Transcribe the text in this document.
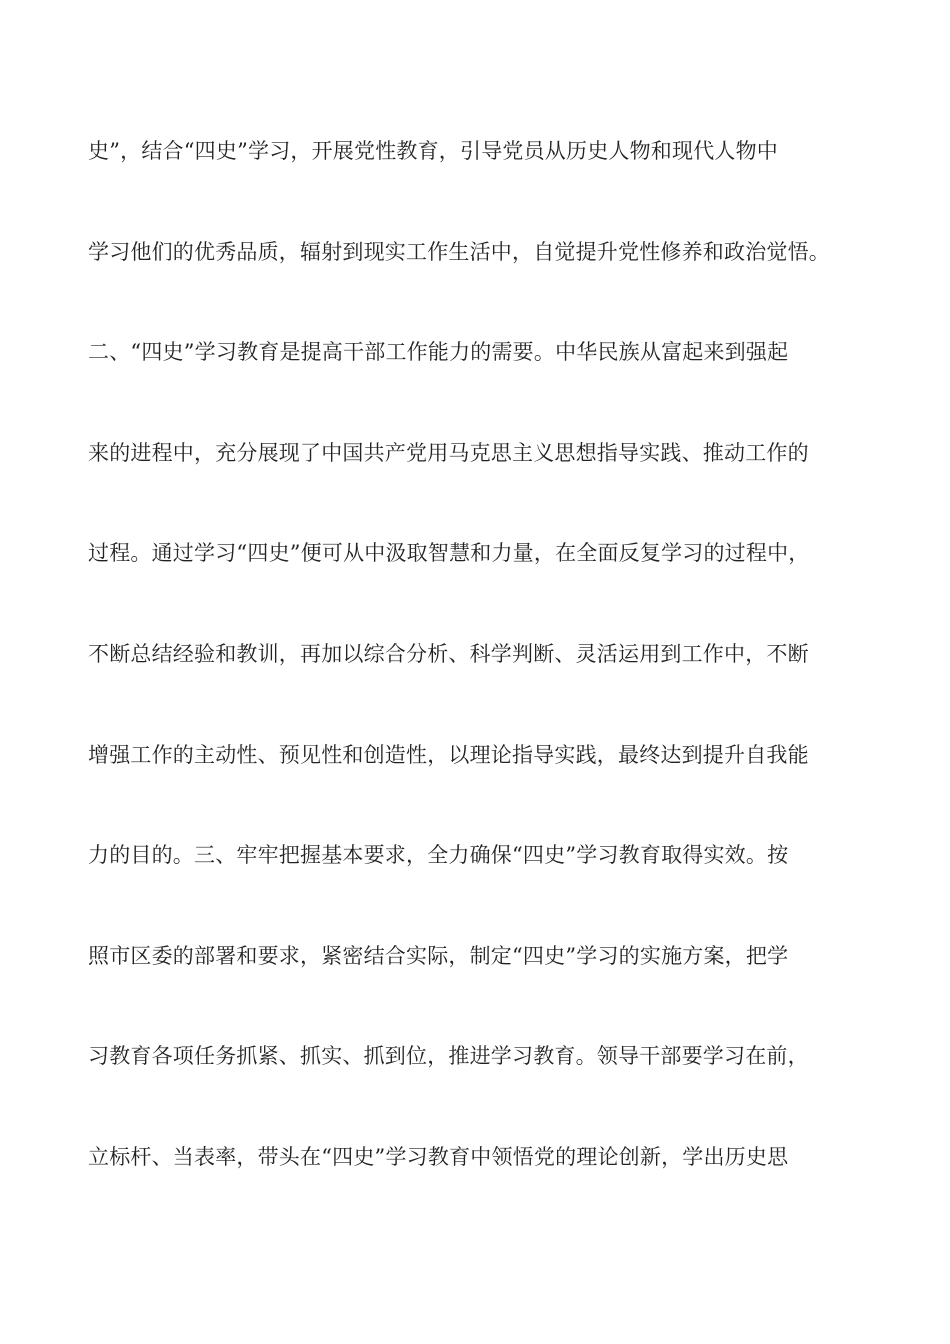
史”，结合“四史”学习，开展党性教育，引导党员从历史人物和现代人物中
学习他们的优秀品质，辐射到现实工作生活中，自觉提升党性修养和政治觉悟。
二、“四史”学习教育是提高干部工作能力的需要。中华民族从富起来到强起
来的进程中，充分展现了中国共产党用马克思主义思想指导实践、推动工作的
过程。通过学习“四史”便可从中汲取智慧和力量，在全面反复学习的过程中，
不断总结经验和教训，再加以综合分析、科学判断、灵活运用到工作中，不断
增强工作的主动性、预见性和创造性，以理论指导实践，最终达到提升自我能
力的目的。三、牢牢把握基本要求，全力确保“四史”学习教育取得实效。按
照市区委的部署和要求，紧密结合实际，制定“四史”学习的实施方案，把学
习教育各项任务抓紧、抓实、抓到位，推进学习教育。领导干部要学习在前，
立标杆、当表率，带头在“四史”学习教育中领悟党的理论创新，学出历史思
